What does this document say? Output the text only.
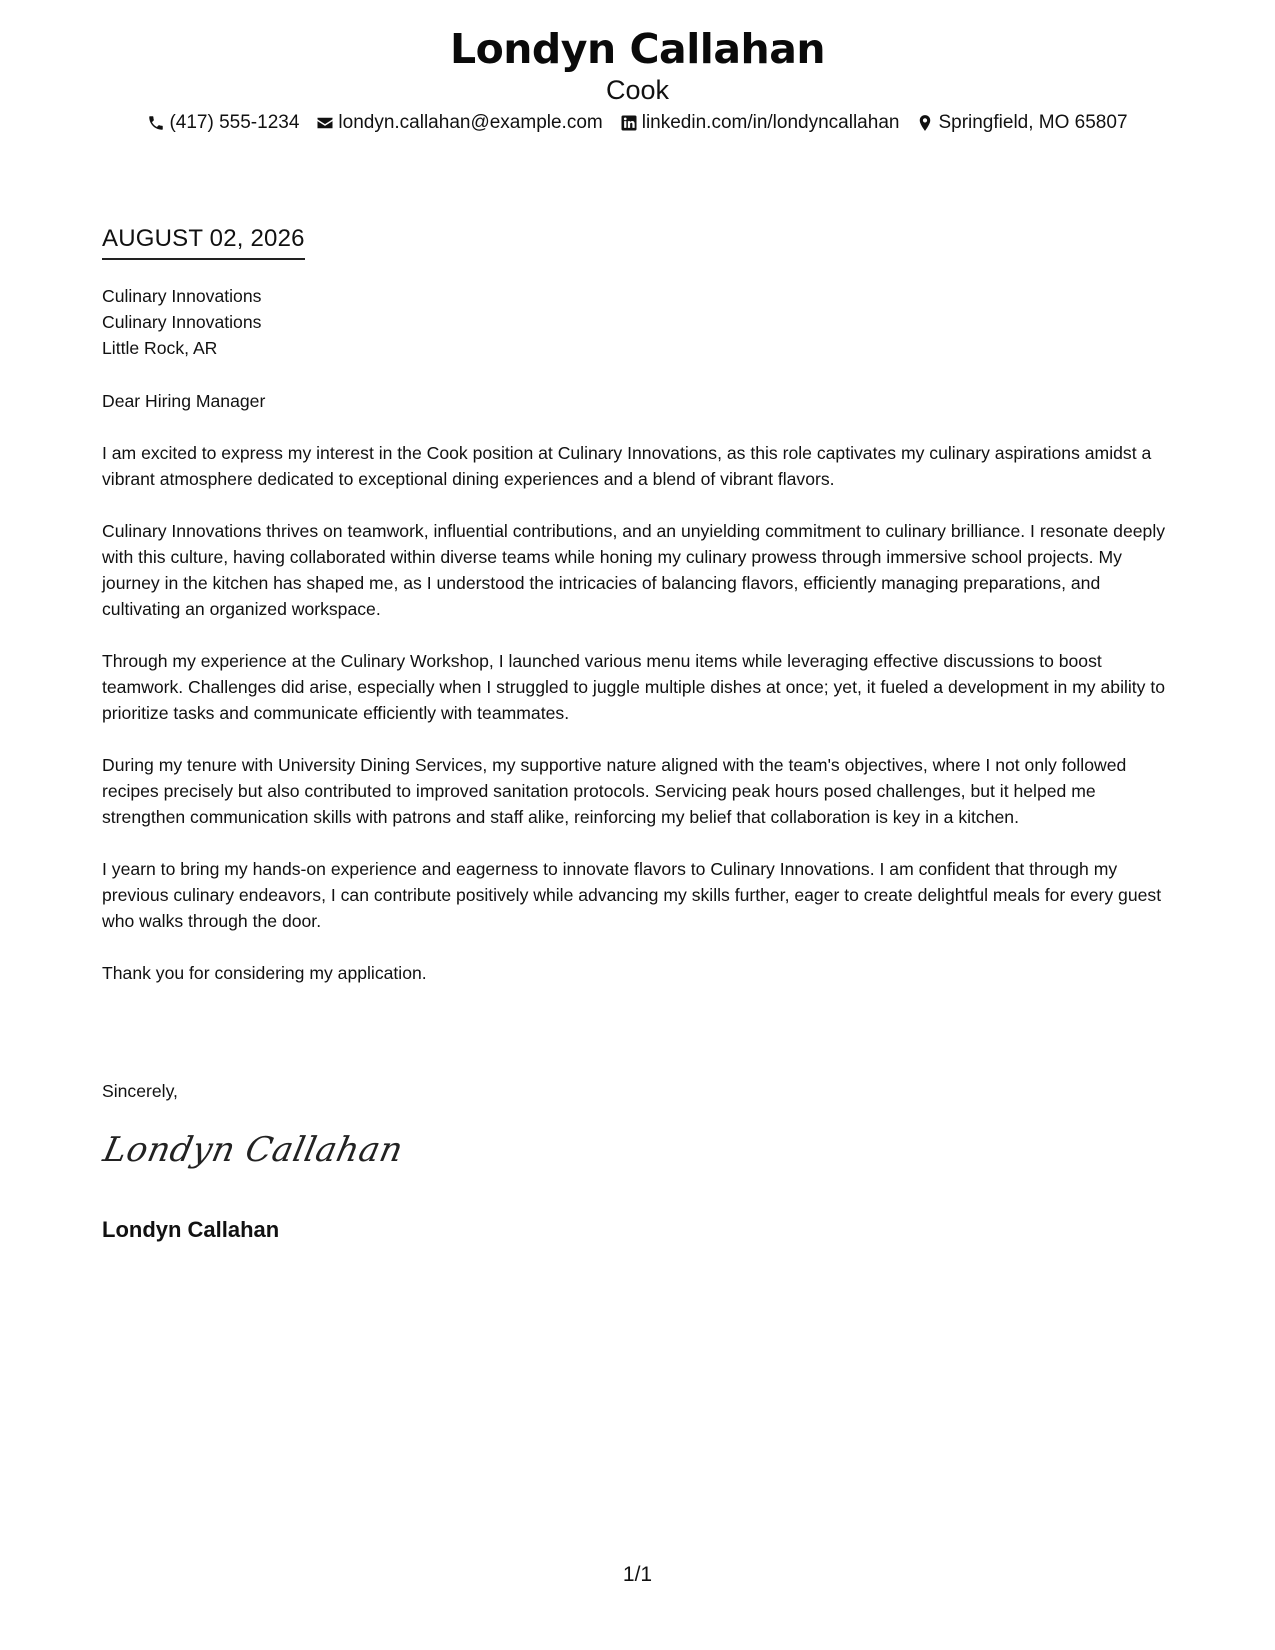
Londyn Callahan
Cook
(417) 555-1234 londyn.callahan@example.com linkedin.com/in/londyncallahan Springfield, MO 65807
AUGUST 02, 2026
Culinary Innovations
Culinary Innovations
Little Rock, AR
Dear Hiring Manager
I am excited to express my interest in the Cook position at Culinary Innovations, as this role captivates my culinary aspirations amidst a vibrant atmosphere dedicated to exceptional dining experiences and a blend of vibrant flavors.
Culinary Innovations thrives on teamwork, influential contributions, and an unyielding commitment to culinary brilliance. I resonate deeply with this culture, having collaborated within diverse teams while honing my culinary prowess through immersive school projects. My journey in the kitchen has shaped me, as I understood the intricacies of balancing flavors, efficiently managing preparations, and cultivating an organized workspace.
Through my experience at the Culinary Workshop, I launched various menu items while leveraging effective discussions to boost teamwork. Challenges did arise, especially when I struggled to juggle multiple dishes at once; yet, it fueled a development in my ability to prioritize tasks and communicate efficiently with teammates.
During my tenure with University Dining Services, my supportive nature aligned with the team's objectives, where I not only followed recipes precisely but also contributed to improved sanitation protocols. Servicing peak hours posed challenges, but it helped me strengthen communication skills with patrons and staff alike, reinforcing my belief that collaboration is key in a kitchen.
I yearn to bring my hands-on experience and eagerness to innovate flavors to Culinary Innovations. I am confident that through my previous culinary endeavors, I can contribute positively while advancing my skills further, eager to create delightful meals for every guest who walks through the door.
Thank you for considering my application.
Sincerely,
Londyn Callahan
Londyn Callahan
1/1
